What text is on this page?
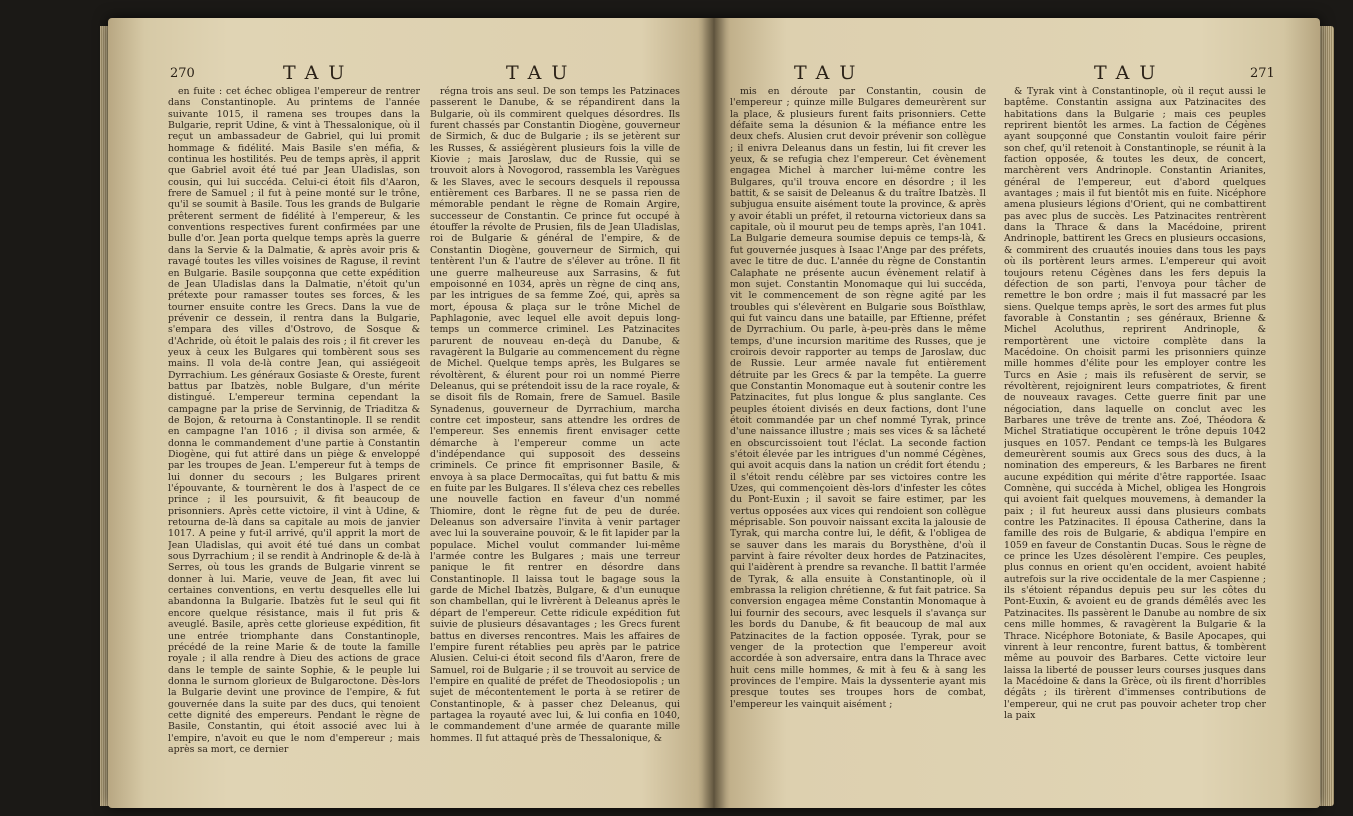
270	TAU	TAU

en fuite : cet échec obligea l'empereur de rentrer dans Constantinople. Au printems de l'année suivante 1015, il ramena ses troupes dans la Bulgarie, reprit Udine, & vint à Thessalonique, où il reçut un ambassadeur de Gabriel, qui lui promit hommage & fidélité. Mais Basile s'en méfia, & continua les hostilités. Peu de temps après, il apprit que Gabriel avoit été tué par Jean Uladislas, son cousin, qui lui succéda. Celui-ci étoit fils d'Aaron, frere de Samuel ; il fut à peine monté sur le trône, qu'il se soumit à Basile. Tous les grands de Bulgarie prêterent serment de fidélité à l'empereur, & les conventions respectives furent confirmées par une bulle d'or. Jean porta quelque temps après la guerre dans la Servie & la Dalmatie, & après avoir pris & ravagé toutes les villes voisines de Raguse, il revint en Bulgarie. Basile soupçonna que cette expédition de Jean Uladislas dans la Dalmatie, n'étoit qu'un prétexte pour ramasser toutes ses forces, & les tourner ensuite contre les Grecs. Dans la vue de prévenir ce dessein, il rentra dans la Bulgarie, s'empara des villes d'Ostrovo, de Sosque & d'Achride, où étoit le palais des rois ; il fit crever les yeux à ceux les Bulgares qui tombèrent sous ses mains. Il vola de-là contre Jean, qui assiégeoit Dyrrachium. Les généraux Gosiaste & Oreste, furent battus par Ibatzès, noble Bulgare, d'un mérite distingué. L'empereur termina cependant la campagne par la prise de Servinnig, de Triaditza & de Bojon, & retourna à Constantinople. Il se rendit en campagne l'an 1016 ; il divisa son armée, & donna le commandement d'une partie à Constantin Diogène, qui fut attiré dans un piège & enveloppé par les troupes de Jean. L'empereur fut à temps de lui donner du secours ; les Bulgares prirent l'épouvante, & tournèrent le dos à l'aspect de ce prince ; il les poursuivit, & fit beaucoup de prisonniers. Après cette victoire, il vint à Udine, & retourna de-là dans sa capitale au mois de janvier 1017. A peine y fut-il arrivé, qu'il apprit la mort de Jean Uladislas, qui avoit été tué dans un combat sous Dyrrachium ; il se rendit à Andrinople & de-là à Serres, où tous les grands de Bulgarie vinrent se donner à lui. Marie, veuve de Jean, fit avec lui certaines conventions, en vertu desquelles elle lui abandonna la Bulgarie. Ibatzès fut le seul qui fit encore quelque résistance, mais il fut pris & aveuglé. Basile, après cette glorieuse expédition, fit une entrée triomphante dans Constantinople, précédé de la reine Marie & de toute la famille royale ; il alla rendre à Dieu des actions de grace dans le temple de sainte Sophie, & le peuple lui donna le surnom glorieux de Bulgaroctone. Dès-lors la Bulgarie devint une province de l'empire, & fut gouvernée dans la suite par des ducs, qui tenoient cette dignité des empereurs. Pendant le règne de Basile, Constantin, qui étoit associé avec lui à l'empire, n'avoit eu que le nom d'empereur ; mais après sa mort, ce dernier

régna trois ans seul. De son temps les Patzinaces passerent le Danube, & se répandirent dans la Bulgarie, où ils commirent quelques désordres. Ils furent chassés par Constantin Diogène, gouverneur de Sirmich, & duc de Bulgarie ; ils se jetèrent sur les Russes, & assiégèrent plusieurs fois la ville de Kiovie ; mais Jaroslaw, duc de Russie, qui se trouvoit alors à Novogorod, rassembla les Varègues & les Slaves, avec le secours desquels il repoussa entièrement ces Barbares. Il ne se passa rien de mémorable pendant le règne de Romain Argire, successeur de Constantin. Ce prince fut occupé à étouffer la révolte de Prusien, fils de Jean Uladislas, roi de Bulgarie & général de l'empire, & de Constantin Diogène, gouverneur de Sirmich, qui tentèrent l'un & l'autre de s'élever au trône. Il fit une guerre malheureuse aux Sarrasins, & fut empoisonné en 1034, après un règne de cinq ans, par les intrigues de sa femme Zoé, qui, après sa mort, épousa & plaça sur le trône Michel de Paphlagonie, avec lequel elle avoit depuis long-temps un commerce criminel. Les Patzinacites parurent de nouveau en-deçà du Danube, & ravagèrent la Bulgarie au commencement du règne de Michel. Quelque temps après, les Bulgares se révoltèrent, & élurent pour roi un nommé Pierre Deleanus, qui se prétendoit issu de la race royale, & se disoit fils de Romain, frere de Samuel. Basile Synadenus, gouverneur de Dyrrachium, marcha contre cet imposteur, sans attendre les ordres de l'empereur. Ses ennemis firent envisager cette démarche à l'empereur comme un acte d'indépendance qui supposoit des desseins criminels. Ce prince fit emprisonner Basile, & envoya à sa place Dermocaïtas, qui fut battu & mis en fuite par les Bulgares. Il s'éleva chez ces rebelles une nouvelle faction en faveur d'un nommé Thiomire, dont le règne fut de peu de durée. Deleanus son adversaire l'invita à venir partager avec lui la souveraine pouvoir, & le fit lapider par la populace. Michel voulut commander lui-même l'armée contre les Bulgares ; mais une terreur panique le fit rentrer en désordre dans Constantinople. Il laissa tout le bagage sous la garde de Michel Ibatzès, Bulgare, & d'un eunuque son chambellan, qui le livrèrent à Deleanus après le départ de l'empereur. Cette ridicule expédition fut suivie de plusieurs désavantages ; les Grecs furent battus en diverses rencontres. Mais les affaires de l'empire furent rétablies peu après par le patrice Alusien. Celui-ci étoit second fils d'Aaron, frere de Samuel, roi de Bulgarie ; il se trouvoit au service de l'empire en qualité de préfet de Theodosiopolis ; un sujet de mécontentement le porta à se retirer de Constantinople, & à passer chez Deleanus, qui partagea la royauté avec lui, & lui confia en 1040, le commandement d'une armée de quarante mille hommes. Il fut attaqué près de Thessalonique, &

TAU	TAU	271

mis en déroute par Constantin, cousin de l'empereur ; quinze mille Bulgares demeurèrent sur la place, & plusieurs furent faits prisonniers. Cette défaite sema la désunion & la méfiance entre les deux chefs. Alusien crut devoir prévenir son collègue ; il enivra Deleanus dans un festin, lui fit crever les yeux, & se refugia chez l'empereur. Cet évènement engagea Michel à marcher lui-même contre les Bulgares, qu'il trouva encore en désordre ; il les battit, & se saisit de Deleanus & du traître Ibatzès. Il subjugua ensuite aisément toute la province, & après y avoir établi un préfet, il retourna victorieux dans sa capitale, où il mourut peu de temps après, l'an 1041. La Bulgarie demeura soumise depuis ce temps-là, & fut gouvernée jusques à Isaac l'Ange par des préfets, avec le titre de duc. L'année du règne de Constantin Calaphate ne présente aucun évènement relatif à mon sujet. Constantin Monomaque qui lui succéda, vit le commencement de son règne agité par les troubles qui s'élevèrent en Bulgarie sous Boïsthlaw, qui fut vaincu dans une bataille, par Eftienne, préfet de Dyrrachium. Ou parle, à-peu-près dans le même temps, d'une incursion maritime des Russes, que je croirois devoir rapporter au temps de Jaroslaw, duc de Russie. Leur armée navale fut entièrement détruite par les Grecs & par la tempête. La guerre que Constantin Monomaque eut à soutenir contre les Patzinacites, fut plus longue & plus sanglante. Ces peuples étoient divisés en deux factions, dont l'une étoit commandée par un chef nommé Tyrak, prince d'une naissance illustre ; mais ses vices & sa lâcheté en obscurcissoient tout l'éclat. La seconde faction s'étoit élevée par les intrigues d'un nommé Cégènes, qui avoit acquis dans la nation un crédit fort étendu ; il s'étoit rendu célèbre par ses victoires contre les Uzes, qui commençoient dès-lors d'infester les côtes du Pont-Euxin ; il savoit se faire estimer, par les vertus opposées aux vices qui rendoient son collègue méprisable. Son pouvoir naissant excita la jalousie de Tyrak, qui marcha contre lui, le défit, & l'obligea de se sauver dans les marais du Borysthène, d'où il parvint à faire révolter deux hordes de Patzinacites, qui l'aidèrent à prendre sa revanche. Il battit l'armée de Tyrak, & alla ensuite à Constantinople, où il embrassa la religion chrétienne, & fut fait patrice. Sa conversion engagea même Constantin Monomaque à lui fournir des secours, avec lesquels il s'avança sur les bords du Danube, & fit beaucoup de mal aux Patzinacites de la faction opposée. Tyrak, pour se venger de la protection que l'empereur avoit accordée à son adversaire, entra dans la Thrace avec huit cens mille hommes, & mit à feu & à sang les provinces de l'empire. Mais la dyssenterie ayant mis presque toutes ses troupes hors de combat, l'empereur les vainquit aisément ;

& Tyrak vint à Constantinople, où il reçut aussi le baptême. Constantin assigna aux Patzinacites des habitations dans la Bulgarie ; mais ces peuples reprirent bientôt les armes. La faction de Cégènes ayant soupçonné que Constantin vouloit faire périr son chef, qu'il retenoit à Constantinople, se réunit à la faction opposée, & toutes les deux, de concert, marchèrent vers Andrinople. Constantin Arianites, général de l'empereur, eut d'abord quelques avantages ; mais il fut bientôt mis en fuite. Nicéphore amena plusieurs légions d'Orient, qui ne combattirent pas avec plus de succès. Les Patzinacites rentrèrent dans la Thrace & dans la Macédoine, prirent Andrinople, battirent les Grecs en plusieurs occasions, & commirent des cruautés inouies dans tous les pays où ils portèrent leurs armes. L'empereur qui avoit toujours retenu Cégènes dans les fers depuis la défection de son parti, l'envoya pour tâcher de remettre le bon ordre ; mais il fut massacré par les siens. Quelque temps après, le sort des armes fut plus favorable à Constantin ; ses généraux, Brienne & Michel Acoluthus, reprirent Andrinople, & remportèrent une victoire complète dans la Macédoine. On choisit parmi les prisonniers quinze mille hommes d'élite pour les employer contre les Turcs en Asie ; mais ils refusèrent de servir, se révoltèrent, rejoignirent leurs compatriotes, & firent de nouveaux ravages. Cette guerre finit par une négociation, dans laquelle on conclut avec les Barbares une trêve de trente ans. Zoé, Théodora & Michel Stratiatique occupèrent le trône depuis 1042 jusques en 1057. Pendant ce temps-là les Bulgares demeurèrent soumis aux Grecs sous des ducs, à la nomination des empereurs, & les Barbares ne firent aucune expédition qui mérite d'être rapportée. Isaac Comnène, qui succéda à Michel, obligea les Hongrois qui avoient fait quelques mouvemens, à demander la paix ; il fut heureux aussi dans plusieurs combats contre les Patzinacites. Il épousa Catherine, dans la famille des rois de Bulgarie, & abdiqua l'empire en 1059 en faveur de Constantin Ducas. Sous le règne de ce prince les Uzes désolèrent l'empire. Ces peuples, plus connus en orient qu'en occident, avoient habité autrefois sur la rive occidentale de la mer Caspienne ; ils s'étoient répandus depuis peu sur les côtes du Pont-Euxin, & avoient eu de grands démêlés avec les Patzinacites. Ils passèrent le Danube au nombre de six cens mille hommes, & ravagèrent la Bulgarie & la Thrace. Nicéphore Botoniate, & Basile Apocapes, qui vinrent à leur rencontre, furent battus, & tombèrent même au pouvoir des Barbares. Cette victoire leur laissa la liberté de pousser leurs courses jusques dans la Macédoine & dans la Grèce, où ils firent d'horribles dégâts ; ils tirèrent d'immenses contributions de l'empereur, qui ne crut pas pouvoir acheter trop cher la paix
